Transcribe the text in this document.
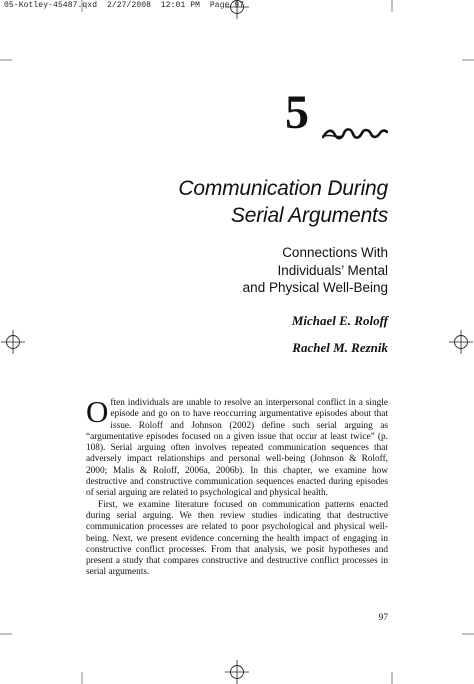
05-Kotley-45487.qxd 2/27/2008 12:01 PM Page 97
5
Communication During
Serial Arguments
Connections With
Individuals’ Mental
and Physical Well-Being
Michael E. Roloff
Rachel M. Reznik

Often individuals are unable to resolve an interpersonal conflict in a single episode and go on to have reoccurring argumentative episodes about that issue. Roloff and Johnson (2002) define such serial arguing as “argumentative episodes focused on a given issue that occur at least twice” (p. 108). Serial arguing often involves repeated communication sequences that adversely impact relationships and personal well-being (Johnson & Roloff, 2000; Malis & Roloff, 2006a, 2006b). In this chapter, we examine how destructive and constructive communication sequences enacted during episodes of serial arguing are related to psychological and physical health.

First, we examine literature focused on communication patterns enacted during serial arguing. We then review studies indicating that destructive communication processes are related to poor psychological and physical well-being. Next, we present evidence concerning the health impact of engaging in constructive conflict processes. From that analysis, we posit hypotheses and present a study that compares constructive and destructive conflict processes in serial arguments.

97
